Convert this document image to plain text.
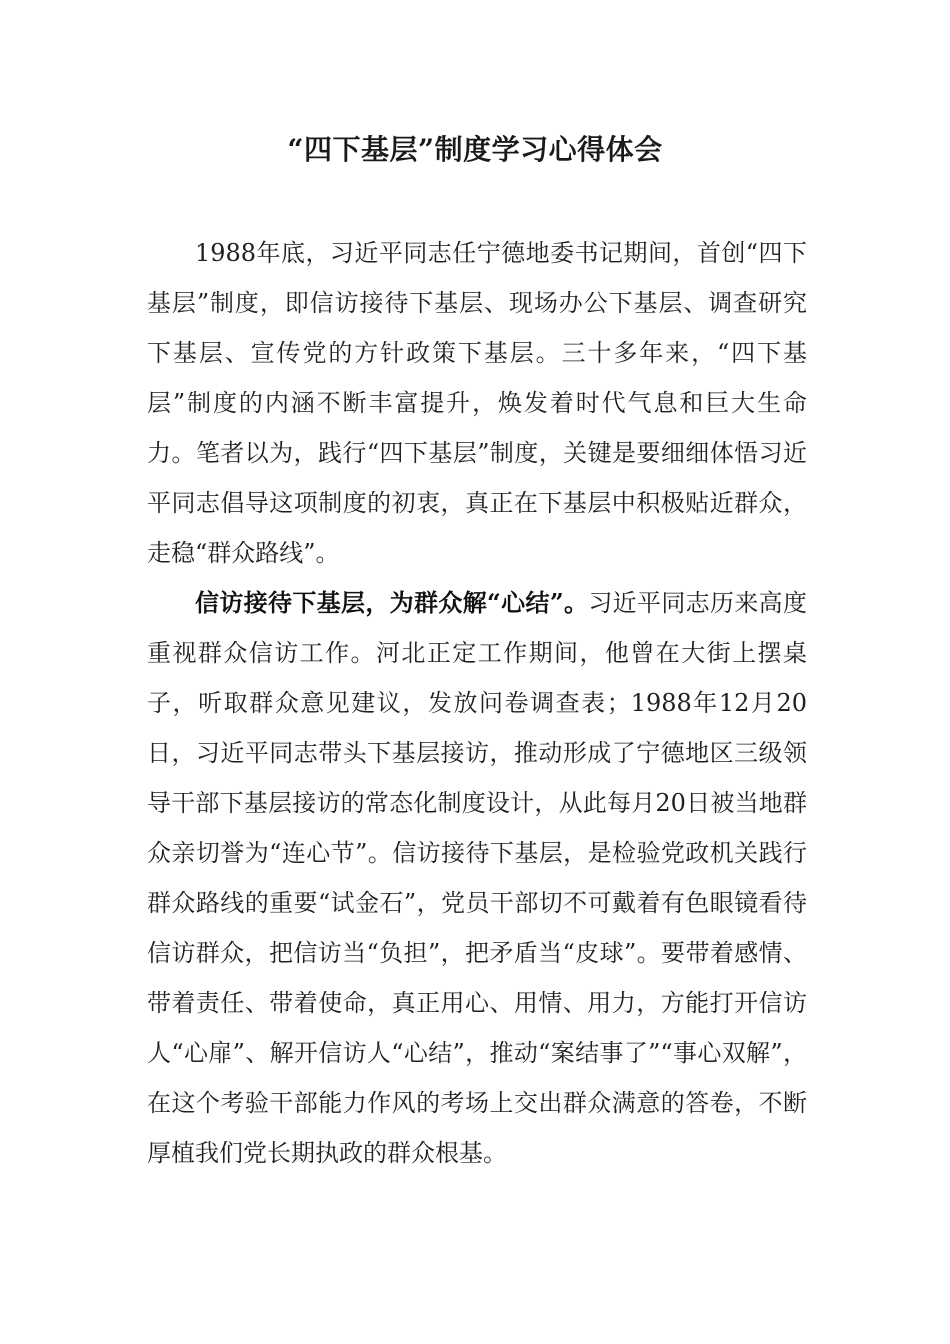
“四下基层”制度学习心得体会

1988年底，习近平同志任宁德地委书记期间，首创“四下基层”制度，即信访接待下基层、现场办公下基层、调查研究下基层、宣传党的方针政策下基层。三十多年来，“四下基层”制度的内涵不断丰富提升，焕发着时代气息和巨大生命力。笔者以为，践行“四下基层”制度，关键是要细细体悟习近平同志倡导这项制度的初衷，真正在下基层中积极贴近群众，走稳“群众路线”。

信访接待下基层，为群众解“心结”。习近平同志历来高度重视群众信访工作。河北正定工作期间，他曾在大街上摆桌子，听取群众意见建议，发放问卷调查表；1988年12月20日，习近平同志带头下基层接访，推动形成了宁德地区三级领导干部下基层接访的常态化制度设计，从此每月20日被当地群众亲切誉为“连心节”。信访接待下基层，是检验党政机关践行群众路线的重要“试金石”，党员干部切不可戴着有色眼镜看待信访群众，把信访当“负担”，把矛盾当“皮球”。要带着感情、带着责任、带着使命，真正用心、用情、用力，方能打开信访人“心扉”、解开信访人“心结”，推动“案结事了”“事心双解”，在这个考验干部能力作风的考场上交出群众满意的答卷，不断厚植我们党长期执政的群众根基。
